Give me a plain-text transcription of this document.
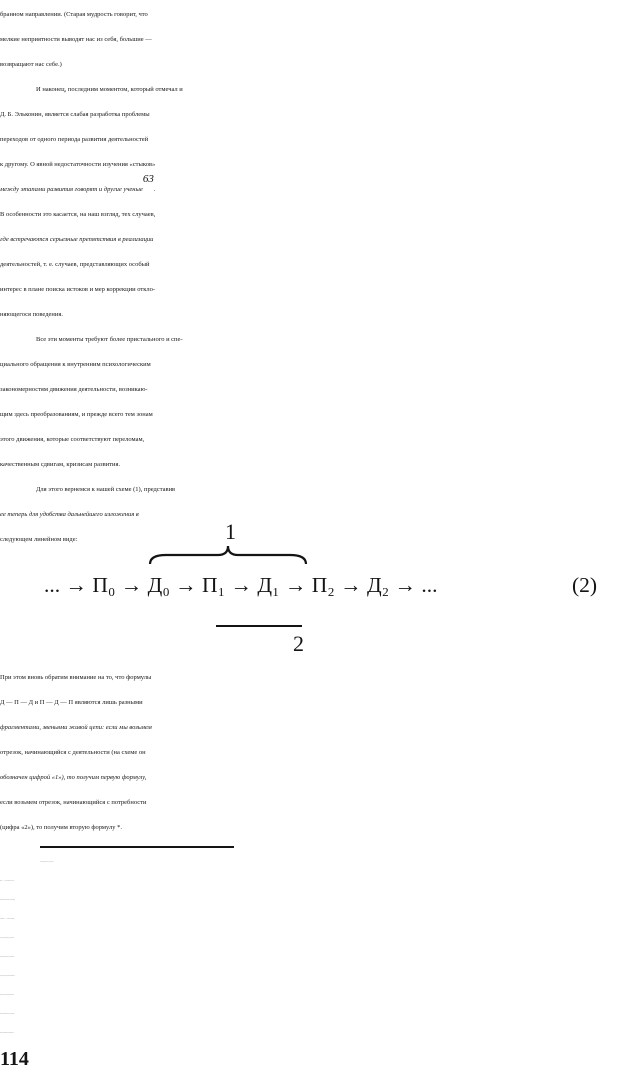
бранном направлении. (Старая мудрость говорит, что
мелкие неприятности выводят нас из себя, большие —
возвращают нас себе.)
И наконец, последним моментом, который отмечал и
Д. Б. Эльконин, является слабая разработка проблемы
переходов от одного периода развития деятельностей
к другому. О явной недостаточности изучения «стыков»
между этапами развития говорят и другие ученые$^{63}$.
В особенности это касается, на наш взгляд, тех случаев,
где встречаются серьезные препятствия в реализации
деятельностей, т. е. случаев, представляющих особый
интерес в плане поиска истоков и мер коррекции откло-
няющегося поведения.
Все эти моменты требуют более пристального и спе-
циального обращения к внутренним психологическим
закономерностям движения деятельности, возникаю-
щим здесь преобразованиям, и прежде всего тем зонам
этого движения, которые соответствуют переломам,
качественным сдвигам, кризисам развития.
Для этого вернемся к нашей схеме (1), представив
ее теперь для удобства дальнейшего изложения в
следующем линейном виде:	1
... → П₀ → Д₀ → П₁ → Д₁ → П₂ → Д₂ → ...	(2)
2
При этом вновь обратим внимание на то, что формулы
Д — П — Д и П — Д — П являются лишь разными
фрагментами, звеньями живой цепи: если мы возьмем
отрезок, начинающийся с деятельности (на схеме он
обозначен цифрой «1»), то получим первую формулу,
если возьмем отрезок, начинающийся с потребности
(цифра «2»), то получим вторую формулу *.
114
